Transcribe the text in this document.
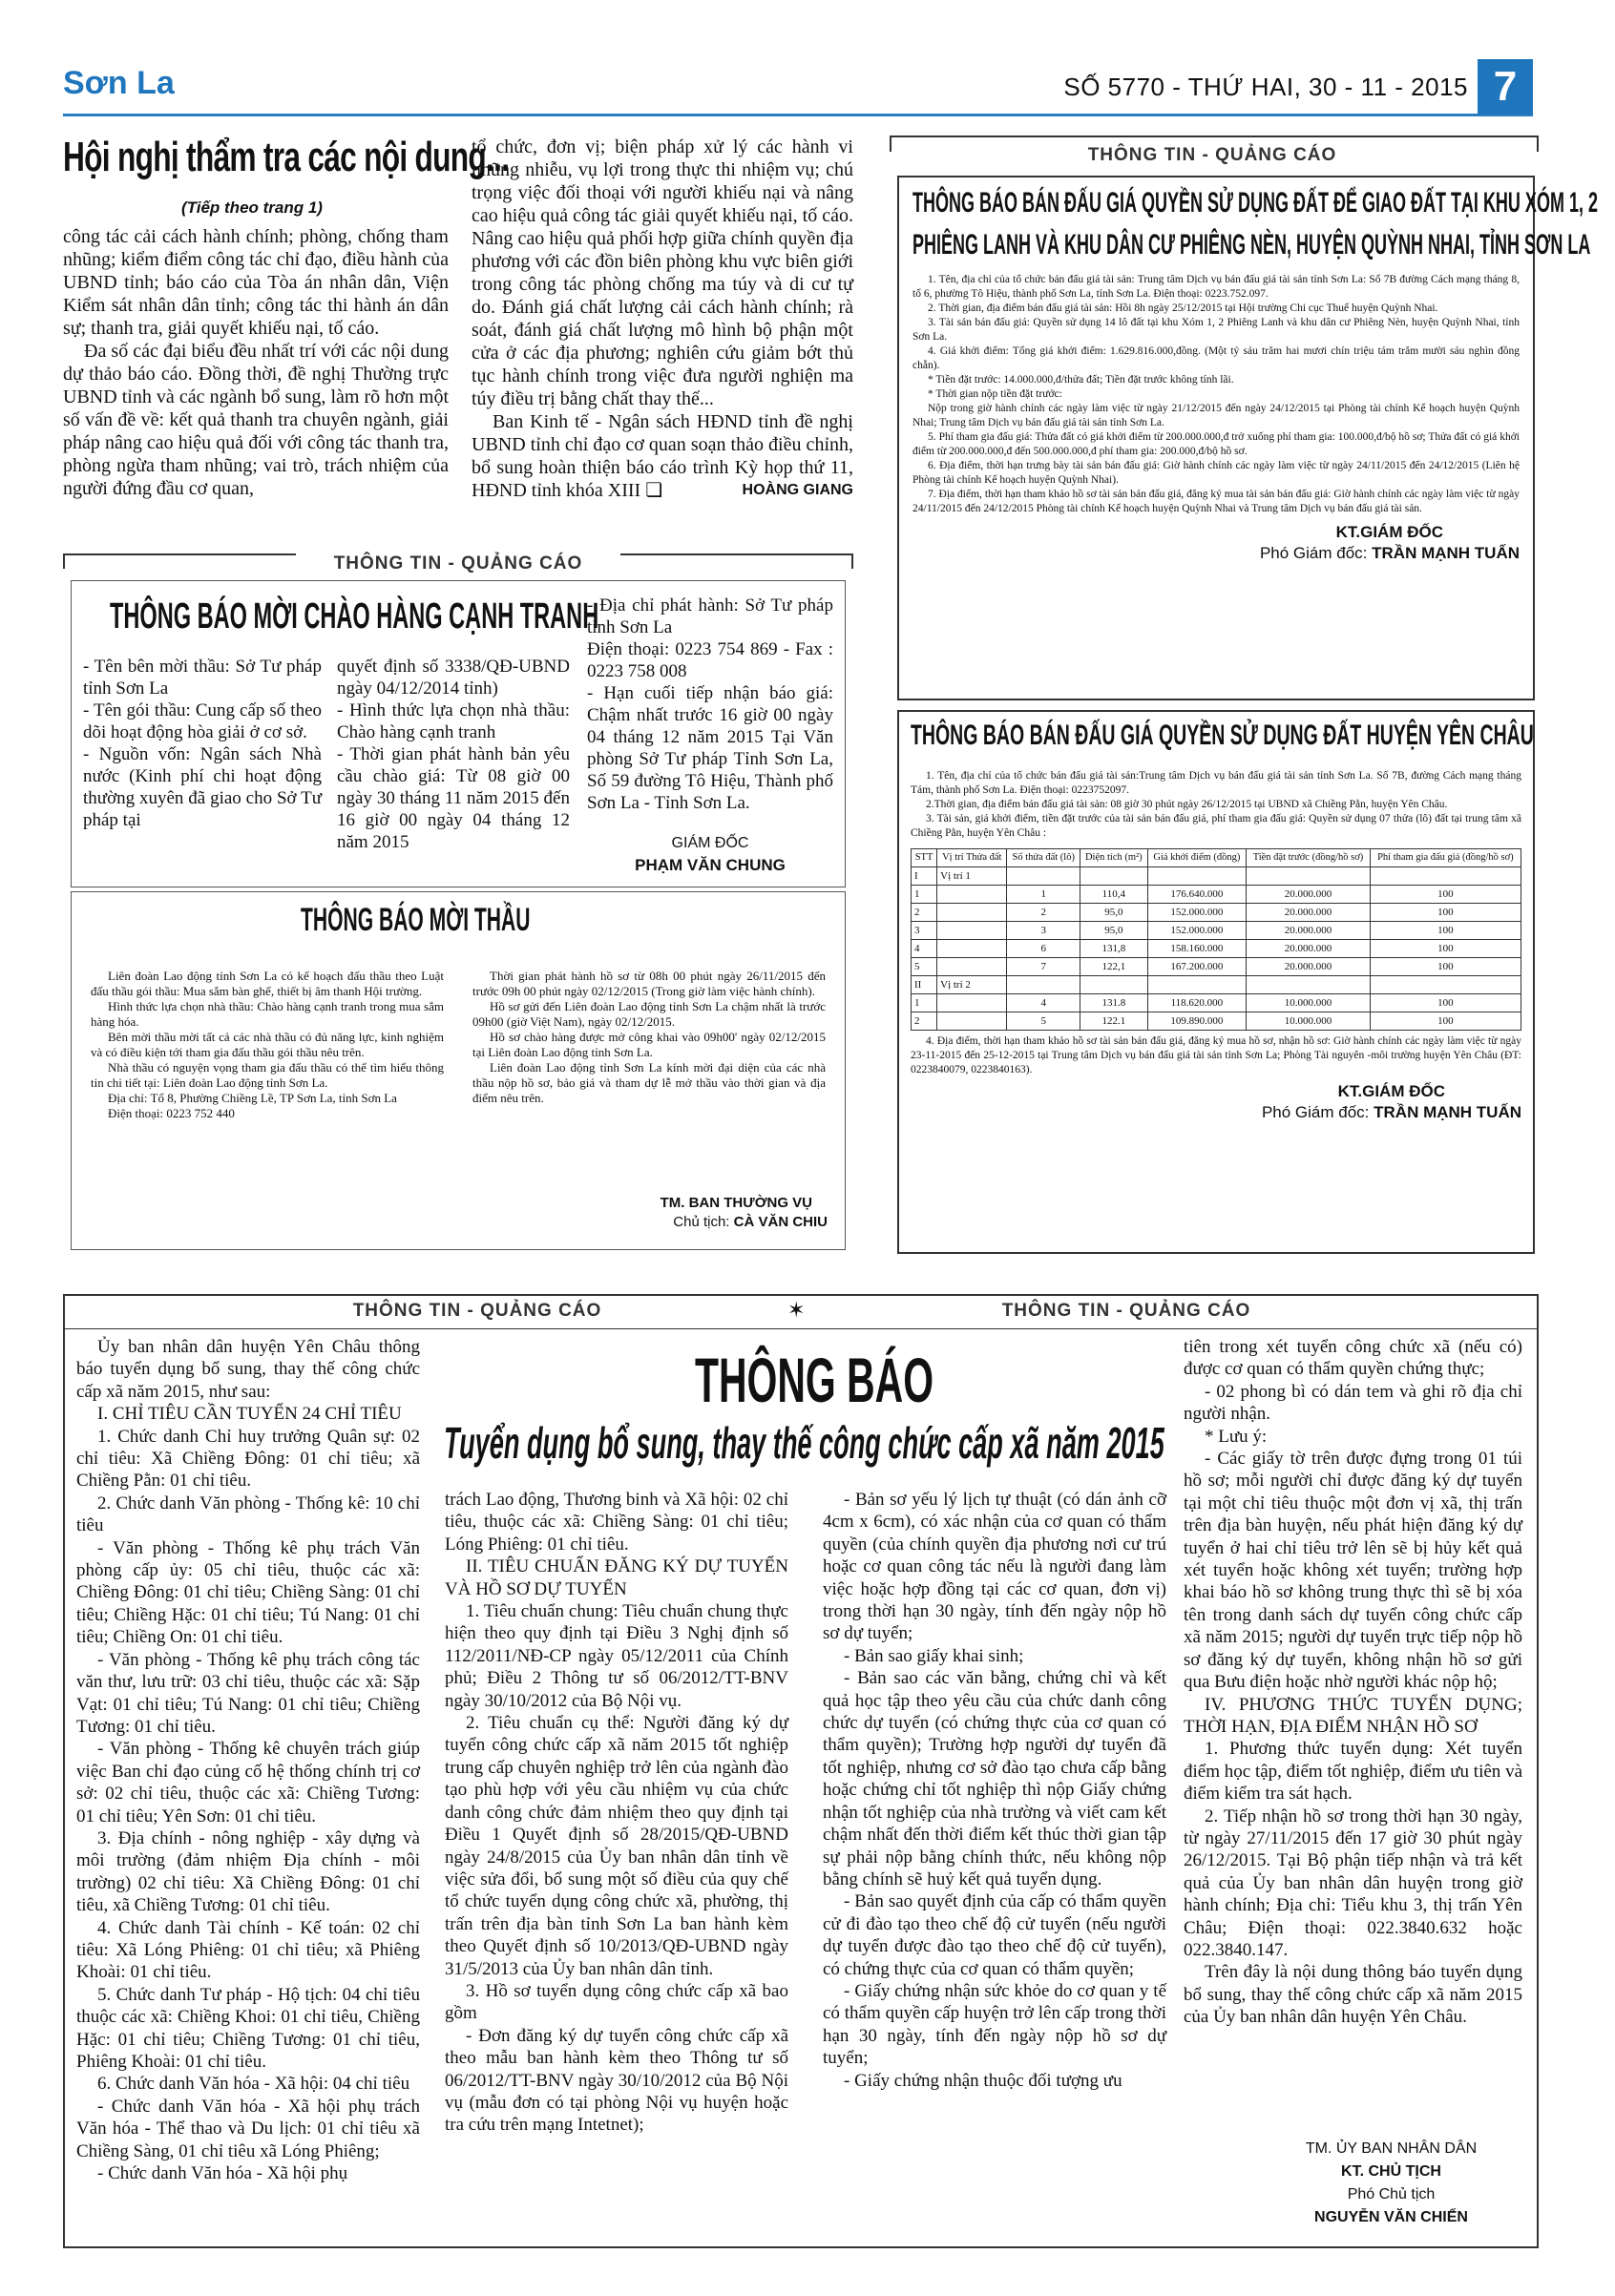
Sơn La	SỐ 5770 - THỨ HAI, 30 - 11 - 2015 7
Hội nghị thẩm tra các nội dung...
(Tiếp theo trang 1)

công tác cải cách hành chính; phòng, chống tham nhũng; kiểm điểm công tác chỉ đạo, điều hành của UBND tỉnh; báo cáo của Tòa án nhân dân, Viện Kiểm sát nhân dân tỉnh; công tác thi hành án dân sự; thanh tra, giải quyết khiếu nại, tố cáo.

Đa số các đại biểu đều nhất trí với các nội dung dự thảo báo cáo. Đồng thời, đề nghị Thường trực UBND tỉnh và các ngành bổ sung, làm rõ hơn một số vấn đề về: kết quả thanh tra chuyên ngành, giải pháp nâng cao hiệu quả đối với công tác thanh tra, phòng ngừa tham nhũng; vai trò, trách nhiệm của người đứng đầu cơ quan,

tổ chức, đơn vị; biện pháp xử lý các hành vi nhũng nhiễu, vụ lợi trong thực thi nhiệm vụ; chú trọng việc đối thoại với người khiếu nại và nâng cao hiệu quả công tác giải quyết khiếu nại, tố cáo. Nâng cao hiệu quả phối hợp giữa chính quyền địa phương với các đồn biên phòng khu vực biên giới trong công tác phòng chống ma túy và di cư tự do. Đánh giá chất lượng cải cách hành chính; rà soát, đánh giá chất lượng mô hình bộ phận một cửa ở các địa phương; nghiên cứu giảm bớt thủ tục hành chính trong việc đưa người nghiện ma túy điều trị bằng chất thay thế...

Ban Kinh tế - Ngân sách HĐND tỉnh đề nghị UBND tỉnh chỉ đạo cơ quan soạn thảo điều chỉnh, bổ sung hoàn thiện báo cáo trình Kỳ họp thứ 11, HĐND tỉnh khóa XIII ❏	HOÀNG GIANG

THÔNG TIN - QUẢNG CÁO
THÔNG BÁO BÁN ĐẤU GIÁ QUYỀN SỬ DỤNG ĐẤT ĐỂ GIAO ĐẤT TẠI KHU XÓM 1, 2
PHIÊNG LANH VÀ KHU DÂN CƯ PHIÊNG NÈN, HUYỆN QUỲNH NHAI, TỈNH SƠN LA

1. Tên, địa chỉ của tổ chức bán đấu giá tài sản: Trung tâm Dịch vụ bán đấu giá tài sản tỉnh Sơn La: Số 7B đường Cách mạng tháng 8, tổ 6, phường Tô Hiệu, thành phố Sơn La, tỉnh Sơn La. Điện thoại: 0223.752.097.

2. Thời gian, địa điểm bán đấu giá tài sản: Hồi 8h ngày 25/12/2015 tại Hội trường Chi cục Thuế huyện Quỳnh Nhai.

3. Tài sản bán đấu giá: Quyền sử dụng 14 lô đất tại khu Xóm 1, 2 Phiêng Lanh và khu dân cư Phiêng Nèn, huyện Quỳnh Nhai, tỉnh Sơn La.

4. Giá khởi điểm: Tổng giá khởi điểm: 1.629.816.000,đồng. (Một tỷ sáu trăm hai mươi chín triệu tám trăm mười sáu nghìn đồng chẵn).

* Tiền đặt trước: 14.000.000,đ/thửa đất; Tiền đặt trước không tính lãi.

* Thời gian nộp tiền đặt trước:

Nộp trong giờ hành chính các ngày làm việc từ ngày 21/12/2015 đến ngày 24/12/2015 tại Phòng tài chính Kế hoạch huyện Quỳnh Nhai; Trung tâm Dịch vụ bán đấu giá tài sản tỉnh Sơn La.

5. Phí tham gia đấu giá: Thửa đất có giá khởi điểm từ 200.000.000,đ trở xuống phí tham gia: 100.000,đ/bộ hồ sơ; Thửa đất có giá khởi điểm từ 200.000.000,đ đến 500.000.000,đ phí tham gia: 200.000,đ/bộ hồ sơ.

6. Địa điểm, thời hạn trưng bày tài sản bán đấu giá: Giờ hành chính các ngày làm việc từ ngày 24/11/2015 đến 24/12/2015 (Liên hệ Phòng tài chính Kế hoạch huyện Quỳnh Nhai).

7. Địa điểm, thời hạn tham khảo hồ sơ tài sản bán đấu giá, đăng ký mua tài sản bán đấu giá: Giờ hành chính các ngày làm việc từ ngày 24/11/2015 đến 24/12/2015 Phòng tài chính Kế hoạch huyện Quỳnh Nhai và Trung tâm Dịch vụ bán đấu giá tài sản.

KT.GIÁM ĐỐC
Phó Giám đốc: TRẦN MẠNH TUẤN
THÔNG TIN - QUẢNG CÁO
THÔNG BÁO MỜI CHÀO HÀNG CẠNH TRANH
- Tên bên mời thầu: Sở Tư pháp tỉnh Sơn La
- Tên gói thầu: Cung cấp số theo dõi hoạt động hòa giải ở cơ sở.
- Nguồn vốn: Ngân sách Nhà nước (Kinh phí chi hoạt động thường xuyên đã giao cho Sở Tư pháp tại
quyết định số 3338/QĐ-UBND ngày 04/12/2014 tỉnh)
- Hình thức lựa chọn nhà thầu: Chào hàng cạnh tranh
- Thời gian phát hành bản yêu cầu chào giá: Từ 08 giờ 00 ngày 30 tháng 11 năm 2015 đến 16 giờ 00 ngày 04 tháng 12 năm 2015
- Địa chỉ phát hành: Sở Tư pháp tỉnh Sơn La
Điện thoại: 0223 754 869 - Fax : 0223 758 008
- Hạn cuối tiếp nhận báo giá: Chậm nhất trước 16 giờ 00 ngày 04 tháng 12 năm 2015 Tại Văn phòng Sở Tư pháp Tỉnh Sơn La, Số 59 đường Tô Hiệu, Thành phố Sơn La - Tỉnh Sơn La.
GIÁM ĐỐC
PHẠM VĂN CHUNG
THÔNG BÁO MỜI THẦU

Liên đoàn Lao động tỉnh Sơn La có kế hoạch đấu thầu theo Luật đấu thầu gói thầu: Mua sắm bàn ghế, thiết bị âm thanh Hội trường.

Hình thức lựa chọn nhà thầu: Chào hàng cạnh tranh trong mua sắm hàng hóa.

Bên mời thầu mời tất cả các nhà thầu có đủ năng lực, kinh nghiệm và có điều kiện tới tham gia đấu thầu gói thầu nêu trên.

Nhà thầu có nguyện vọng tham gia đấu thầu có thể tìm hiểu thông tin chi tiết tại: Liên đoàn Lao động tỉnh Sơn La.

Địa chỉ: Tổ 8, Phường Chiềng Lề, TP Sơn La, tỉnh Sơn La

Điện thoại: 0223 752 440

Thời gian phát hành hồ sơ từ 08h 00 phút ngày 26/11/2015 đến trước 09h 00 phút ngày 02/12/2015 (Trong giờ làm việc hành chính).

Hồ sơ gửi đến Liên đoàn Lao động tỉnh Sơn La chậm nhất là trước 09h00 (giờ Việt Nam), ngày 02/12/2015.

Hồ sơ chào hàng được mở công khai vào 09h00' ngày 02/12/2015 tại Liên đoàn Lao động tỉnh Sơn La.

Liên đoàn Lao động tỉnh Sơn La kính mời đại diện của các nhà thầu nộp hồ sơ, bảo giá và tham dự lễ mở thầu vào thời gian và địa điểm nêu trên.

TM. BAN THƯỜNG VỤ
Chủ tịch: CÀ VĂN CHIU
THÔNG BÁO BÁN ĐẤU GIÁ QUYỀN SỬ DỤNG ĐẤT HUYỆN YÊN CHÂU

1. Tên, địa chỉ của tổ chức bán đấu giá tài sản:Trung tâm Dịch vụ bán đấu giá tài sản tỉnh Sơn La. Số 7B, đường Cách mạng tháng Tám, thành phố Sơn La. Điện thoại: 0223752097.

2.Thời gian, địa điểm bán đấu giá tài sản: 08 giờ 30 phút ngày 26/12/2015 tại UBND xã Chiềng Pằn, huyện Yên Châu.

3. Tài sản, giá khởi điểm, tiền đặt trước của tài sản bán đấu giá, phí tham gia đấu giá: Quyền sử dụng 07 thửa (lô) đất tại trung tâm xã Chiềng Pằn, huyện Yên Châu :

STT	Vị trí Thửa đất	Số thửa đất (lô)	Diện tích (m²)	Giá khởi điểm (đồng)	Tiền đặt trước (đồng/hồ sơ)	Phí tham gia đấu giá (đồng/hồ sơ)
I	Vị trí 1					
1		1	110,4	176.640.000	20.000.000	100
2		2	95,0	152.000.000	20.000.000	100
3		3	95,0	152.000.000	20.000.000	100
4		6	131,8	158.160.000	20.000.000	100
5		7	122,1	167.200.000	20.000.000	100
II	Vị trí 2					
1		4	131.8	118.620.000	10.000.000	100
2		5	122.1	109.890.000	10.000.000	100

4. Địa điểm, thời hạn tham khảo hồ sơ tài sản bán đấu giá, đăng ký mua hồ sơ, nhận hồ sơ: Giờ hành chính các ngày làm việc từ ngày 23-11-2015 đến 25-12-2015 tại Trung tâm Dịch vụ bán đấu giá tài sản tỉnh Sơn La; Phòng Tài nguyên -môi trường huyện Yên Châu (ĐT: 0223840079, 0223840163).

KT.GIÁM ĐỐC
Phó Giám đốc: TRẦN MẠNH TUẤN
THÔNG TIN - QUẢNG CÁO	✶	THÔNG TIN - QUẢNG CÁO
THÔNG BÁO
Tuyển dụng bổ sung, thay thế công chức cấp xã năm 2015

Ủy ban nhân dân huyện Yên Châu thông báo tuyển dụng bổ sung, thay thế công chức cấp xã năm 2015, như sau:

I. CHỈ TIÊU CẦN TUYỂN 24 CHỈ TIÊU

1. Chức danh Chỉ huy trưởng Quân sự: 02 chỉ tiêu: Xã Chiềng Đông: 01 chỉ tiêu; xã Chiềng Pằn: 01 chỉ tiêu.

2. Chức danh Văn phòng - Thống kê: 10 chỉ tiêu

- Văn phòng - Thống kê phụ trách Văn phòng cấp ủy: 05 chỉ tiêu, thuộc các xã: Chiềng Đông: 01 chỉ tiêu; Chiềng Sàng: 01 chỉ tiêu; Chiềng Hặc: 01 chỉ tiêu; Tú Nang: 01 chỉ tiêu; Chiềng On: 01 chỉ tiêu.

- Văn phòng - Thống kê phụ trách công tác văn thư, lưu trữ: 03 chỉ tiêu, thuộc các xã: Sặp Vạt: 01 chỉ tiêu; Tú Nang: 01 chỉ tiêu; Chiềng Tương: 01 chỉ tiêu.

- Văn phòng - Thống kê chuyên trách giúp việc Ban chỉ đạo củng cố hệ thống chính trị cơ sở: 02 chỉ tiêu, thuộc các xã: Chiềng Tương: 01 chỉ tiêu; Yên Sơn: 01 chỉ tiêu.

3. Địa chính - nông nghiệp - xây dựng và môi trường (đảm nhiệm Địa chính - môi trường) 02 chỉ tiêu: Xã Chiềng Đông: 01 chỉ tiêu, xã Chiềng Tương: 01 chỉ tiêu.

4. Chức danh Tài chính - Kế toán: 02 chỉ tiêu: Xã Lóng Phiêng: 01 chỉ tiêu; xã Phiêng Khoài: 01 chỉ tiêu.

5. Chức danh Tư pháp - Hộ tịch: 04 chỉ tiêu thuộc các xã: Chiềng Khoi: 01 chỉ tiêu, Chiềng Hặc: 01 chỉ tiêu; Chiềng Tương: 01 chỉ tiêu, Phiêng Khoài: 01 chỉ tiêu.

6. Chức danh Văn hóa - Xã hội: 04 chỉ tiêu

- Chức danh Văn hóa - Xã hội phụ trách Văn hóa - Thể thao và Du lịch: 01 chỉ tiêu xã Chiềng Sàng, 01 chỉ tiêu xã Lóng Phiêng;

- Chức danh Văn hóa - Xã hội phụ

trách Lao động, Thương binh và Xã hội: 02 chỉ tiêu, thuộc các xã: Chiềng Sàng: 01 chỉ tiêu; Lóng Phiêng: 01 chỉ tiêu.

II. TIÊU CHUẨN ĐĂNG KÝ DỰ TUYỂN VÀ HỒ SƠ DỰ TUYỂN

1. Tiêu chuẩn chung: Tiêu chuẩn chung thực hiện theo quy định tại Điều 3 Nghị định số 112/2011/NĐ-CP ngày 05/12/2011 của Chính phủ; Điều 2 Thông tư số 06/2012/TT-BNV ngày 30/10/2012 của Bộ Nội vụ.

2. Tiêu chuẩn cụ thể: Người đăng ký dự tuyển công chức cấp xã năm 2015 tốt nghiệp trung cấp chuyên nghiệp trở lên của ngành đào tạo phù hợp với yêu cầu nhiệm vụ của chức danh công chức đảm nhiệm theo quy định tại Điều 1 Quyết định số 28/2015/QĐ-UBND ngày 24/8/2015 của Ủy ban nhân dân tỉnh về việc sửa đổi, bổ sung một số điều của quy chế tổ chức tuyển dụng công chức xã, phường, thị trấn trên địa bàn tỉnh Sơn La ban hành kèm theo Quyết định số 10/2013/QĐ-UBND ngày 31/5/2013 của Ủy ban nhân dân tỉnh.

3. Hồ sơ tuyển dụng công chức cấp xã bao gồm

- Đơn đăng ký dự tuyển công chức cấp xã theo mẫu ban hành kèm theo Thông tư số 06/2012/TT-BNV ngày 30/10/2012 của Bộ Nội vụ (mẫu đơn có tại phòng Nội vụ huyện hoặc tra cứu trên mạng Intetnet);

- Bản sơ yếu lý lịch tự thuật (có dán ảnh cỡ 4cm x 6cm), có xác nhận của cơ quan có thẩm quyền (của chính quyền địa phương nơi cư trú hoặc cơ quan công tác nếu là người đang làm việc hoặc hợp đồng tại các cơ quan, đơn vị) trong thời hạn 30 ngày, tính đến ngày nộp hồ sơ dự tuyển;

- Bản sao giấy khai sinh;

- Bản sao các văn bằng, chứng chỉ và kết quả học tập theo yêu cầu của chức danh công chức dự tuyển (có chứng thực của cơ quan có thẩm quyền); Trường hợp người dự tuyển đã tốt nghiệp, nhưng cơ sở đào tạo chưa cấp bằng hoặc chứng chỉ tốt nghiệp thì nộp Giấy chứng nhận tốt nghiệp của nhà trường và viết cam kết chậm nhất đến thời điểm kết thúc thời gian tập sự phải nộp bằng chính thức, nếu không nộp bằng chính sẽ huỷ kết quả tuyển dụng.

- Bản sao quyết định của cấp có thẩm quyền cử đi đào tạo theo chế độ cử tuyển (nếu người dự tuyển được đào tạo theo chế độ cử tuyển), có chứng thực của cơ quan có thẩm quyền;

- Giấy chứng nhận sức khỏe do cơ quan y tế có thẩm quyền cấp huyện trở lên cấp trong thời hạn 30 ngày, tính đến ngày nộp hồ sơ dự tuyển;

- Giấy chứng nhận thuộc đối tượng ưu

tiên trong xét tuyển công chức xã (nếu có) được cơ quan có thẩm quyền chứng thực;

- 02 phong bì có dán tem và ghi rõ địa chỉ người nhận.

* Lưu ý:

- Các giấy tờ trên được đựng trong 01 túi hồ sơ; mỗi người chỉ được đăng ký dự tuyển tại một chỉ tiêu thuộc một đơn vị xã, thị trấn trên địa bàn huyện, nếu phát hiện đăng ký dự tuyển ở hai chỉ tiêu trở lên sẽ bị hủy kết quả xét tuyển hoặc không xét tuyển; trường hợp khai báo hồ sơ không trung thực thì sẽ bị xóa tên trong danh sách dự tuyển công chức cấp xã năm 2015; người dự tuyển trực tiếp nộp hồ sơ đăng ký dự tuyển, không nhận hồ sơ gửi qua Bưu điện hoặc nhờ người khác nộp hộ;

IV. PHƯƠNG THỨC TUYỂN DỤNG; THỜI HẠN, ĐỊA ĐIỂM NHẬN HỒ SƠ

1. Phương thức tuyển dụng: Xét tuyển điểm học tập, điểm tốt nghiệp, điểm ưu tiên và điểm kiểm tra sát hạch.

2. Tiếp nhận hồ sơ trong thời hạn 30 ngày, từ ngày 27/11/2015 đến 17 giờ 30 phút ngày 26/12/2015. Tại Bộ phận tiếp nhận và trả kết quả của Ủy ban nhân dân huyện trong giờ hành chính; Địa chỉ: Tiểu khu 3, thị trấn Yên Châu; Điện thoại: 022.3840.632 hoặc 022.3840.147.

Trên đây là nội dung thông báo tuyển dụng bổ sung, thay thế công chức cấp xã năm 2015 của Ủy ban nhân dân huyện Yên Châu.

TM. ỦY BAN NHÂN DÂN
KT. CHỦ TỊCH
Phó Chủ tịch
NGUYỄN VĂN CHIẾN
